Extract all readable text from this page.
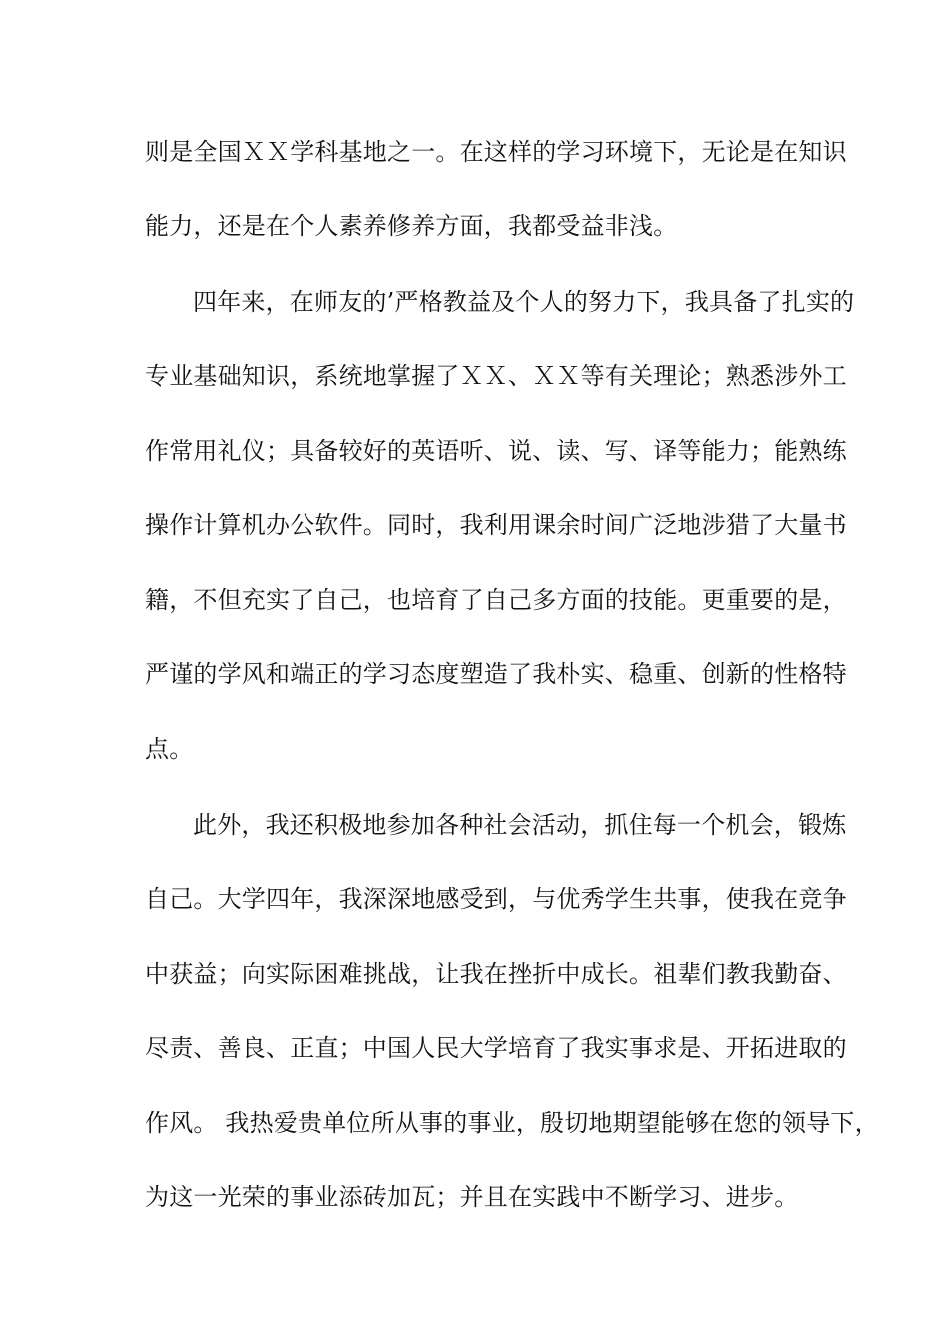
则是全国ＸＸ学科基地之一。在这样的学习环境下，无论是在知识
能力，还是在个人素养修养方面，我都受益非浅。
四年来，在师友的’严格教益及个人的努力下，我具备了扎实的
专业基础知识，系统地掌握了ＸＸ、ＸＸ等有关理论；熟悉涉外工
作常用礼仪；具备较好的英语听、说、读、写、译等能力；能熟练
操作计算机办公软件。同时，我利用课余时间广泛地涉猎了大量书
籍，不但充实了自己，也培育了自己多方面的技能。更重要的是，
严谨的学风和端正的学习态度塑造了我朴实、稳重、创新的性格特
点。
此外，我还积极地参加各种社会活动，抓住每一个机会，锻炼
自己。大学四年，我深深地感受到，与优秀学生共事，使我在竞争
中获益；向实际困难挑战，让我在挫折中成长。祖辈们教我勤奋、
尽责、善良、正直；中国人民大学培育了我实事求是、开拓进取的
作风。 我热爱贵单位所从事的事业，殷切地期望能够在您的领导下，
为这一光荣的事业添砖加瓦；并且在实践中不断学习、进步。
